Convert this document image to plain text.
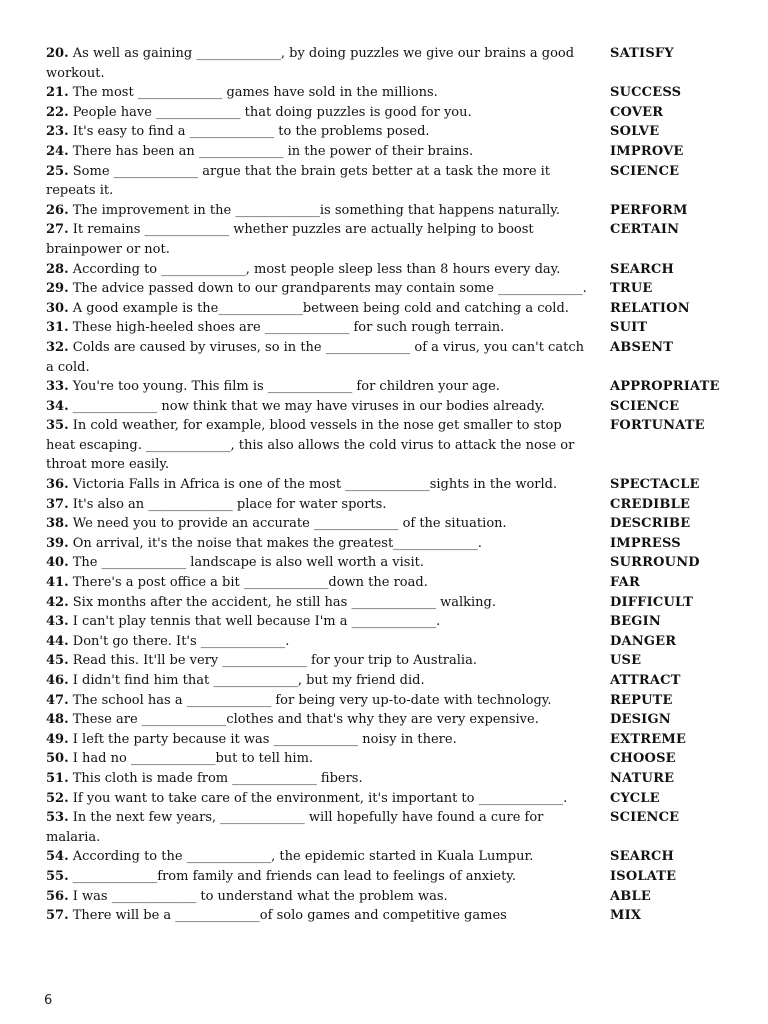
20. As well as gaining _____________, by doing puzzles we give our brains a good workout.
SATISFY
21. The most _____________ games have sold in the millions.	SUCCESS
22. People have _____________ that doing puzzles is good for you.	COVER
23. It's easy to find a _____________ to the problems posed.	SOLVE
24. There has been an _____________ in the power of their brains.	IMPROVE
25. Some _____________ argue that the brain gets better at a task the more it repeats it.
SCIENCE
26. The improvement in the _____________is something that happens naturally.	PERFORM
27. It remains _____________ whether puzzles are actually helping to boost brainpower or not.
CERTAIN
28. According to _____________, most people sleep less than 8 hours every day.	SEARCH
29. The advice passed down to our grandparents may contain some _____________.	TRUE
30. A good example is the_____________between being cold and catching a cold.	RELATION
31. These high-heeled shoes are _____________ for such rough terrain.	SUIT
32. Colds are caused by viruses, so in the _____________ of a virus, you can't catch a cold.
ABSENT
33. You're too young. This film is _____________ for children your age.	APPROPRIATE
34. _____________ now think that we may have viruses in our bodies already.	SCIENCE
35. In cold weather, for example, blood vessels in the nose get smaller to stop heat escaping. _____________, this also allows the cold virus to attack the nose or throat more easily.
FORTUNATE
36. Victoria Falls in Africa is one of the most _____________sights in the world.	SPECTACLE
37. It's also an _____________ place for water sports.	CREDIBLE
38. We need you to provide an accurate _____________ of the situation.	DESCRIBE
39. On arrival, it's the noise that makes the greatest_____________.	IMPRESS
40. The _____________ landscape is also well worth a visit.	SURROUND
41. There's a post office a bit _____________down the road.	FAR
42. Six months after the accident, he still has _____________ walking.	DIFFICULT
43. I can't play tennis that well because I'm a _____________.	BEGIN
44. Don't go there. It's _____________.	DANGER
45. Read this. It'll be very _____________ for your trip to Australia.	USE
46. I didn't find him that _____________, but my friend did.	ATTRACT
47. The school has a _____________ for being very up-to-date with technology.	REPUTE
48. These are _____________clothes and that's why they are very expensive.	DESIGN
49. I left the party because it was _____________ noisy in there.	EXTREME
50. I had no _____________but to tell him.	CHOOSE
51. This cloth is made from _____________ fibers.	NATURE
52. If you want to take care of the environment, it's important to _____________.	CYCLE
53. In the next few years, _____________ will hopefully have found a cure for malaria.
SCIENCE
54. According to the _____________, the epidemic started in Kuala Lumpur.	SEARCH
55. _____________from family and friends can lead to feelings of anxiety.	ISOLATE
56. I was _____________ to understand what the problem was.	ABLE
57. There will be a _____________of solo games and competitive games	MIX
6
